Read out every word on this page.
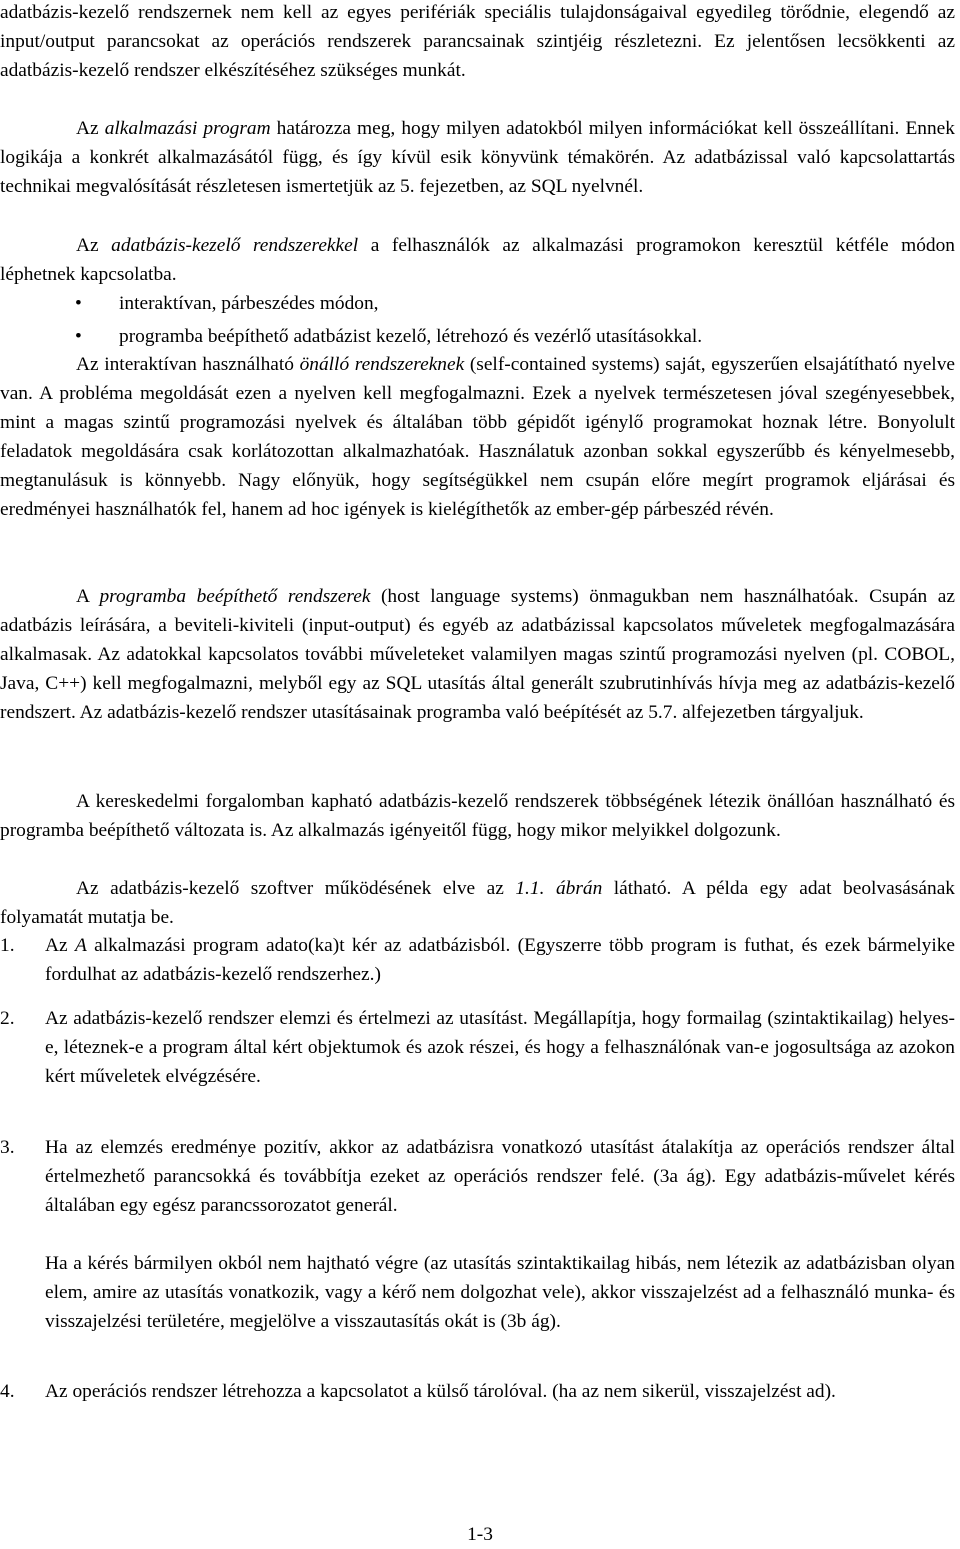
adatbázis-kezelő rendszernek nem kell az egyes perifériák speciális tulajdonságaival egyedileg törődnie, elegendő az input/output parancsokat az operációs rendszerek parancsainak szintjéig részletezni. Ez jelentősen lecsökkenti az adatbázis-kezelő rendszer elkészítéséhez szükséges munkát.

Az alkalmazási program határozza meg, hogy milyen adatokból milyen információkat kell összeállítani. Ennek logikája a konkrét alkalmazásától függ, és így kívül esik könyvünk témakörén. Az adatbázissal való kapcsolattartás technikai megvalósítását részletesen ismertetjük az 5. fejezetben, az SQL nyelvnél.

Az adatbázis-kezelő rendszerekkel a felhasználók az alkalmazási programokon keresztül kétféle módon léphetnek kapcsolatba.

• interaktívan, párbeszédes módon,
• programba beépíthető adatbázist kezelő, létrehozó és vezérlő utasításokkal.

Az interaktívan használható önálló rendszereknek (self-contained systems) saját, egyszerűen elsajátítható nyelve van. A probléma megoldását ezen a nyelven kell megfogalmazni. Ezek a nyelvek természetesen jóval szegényesebbek, mint a magas szintű programozási nyelvek és általában több gépidőt igénylő programokat hoznak létre. Bonyolult feladatok megoldására csak korlátozottan alkalmazhatóak. Használatuk azonban sokkal egyszerűbb és kényelmesebb, megtanulásuk is könnyebb. Nagy előnyük, hogy segítségükkel nem csupán előre megírt programok eljárásai és eredményei használhatók fel, hanem ad hoc igények is kielégíthetők az ember-gép párbeszéd révén.

A programba beépíthető rendszerek (host language systems) önmagukban nem használhatóak. Csupán az adatbázis leírására, a beviteli-kiviteli (input-output) és egyéb az adatbázissal kapcsolatos műveletek megfogalmazására alkalmasak. Az adatokkal kapcsolatos további műveleteket valamilyen magas szintű programozási nyelven (pl. COBOL, Java, C++) kell megfogalmazni, melyből egy az SQL utasítás által generált szubrutinhívás hívja meg az adatbázis-kezelő rendszert. Az adatbázis-kezelő rendszer utasításainak programba való beépítését az 5.7. alfejezetben tárgyaljuk.

A kereskedelmi forgalomban kapható adatbázis-kezelő rendszerek többségének létezik önállóan használható és programba beépíthető változata is. Az alkalmazás igényeitől függ, hogy mikor melyikkel dolgozunk.

Az adatbázis-kezelő szoftver működésének elve az 1.1. ábrán látható. A példa egy adat beolvasásának folyamatát mutatja be.

1. Az A alkalmazási program adato(ka)t kér az adatbázisból. (Egyszerre több program is futhat, és ezek bármelyike fordulhat az adatbázis-kezelő rendszerhez.)
2. Az adatbázis-kezelő rendszer elemzi és értelmezi az utasítást. Megállapítja, hogy formailag (szintaktikailag) helyes-e, léteznek-e a program által kért objektumok és azok részei, és hogy a felhasználónak van-e jogosultsága az azokon kért műveletek elvégzésére.
3. Ha az elemzés eredménye pozitív, akkor az adatbázisra vonatkozó utasítást átalakítja az operációs rendszer által értelmezhető parancsokká és továbbítja ezeket az operációs rendszer felé. (3a ág). Egy adatbázis-művelet kérés általában egy egész parancssorozatot generál.
Ha a kérés bármilyen okból nem hajtható végre (az utasítás szintaktikailag hibás, nem létezik az adatbázisban olyan elem, amire az utasítás vonatkozik, vagy a kérő nem dolgozhat vele), akkor visszajelzést ad a felhasználó munka- és visszajelzési területére, megjelölve a visszautasítás okát is (3b ág).
4. Az operációs rendszer létrehozza a kapcsolatot a külső tárolóval. (ha az nem sikerül, visszajelzést ad).
1-3
